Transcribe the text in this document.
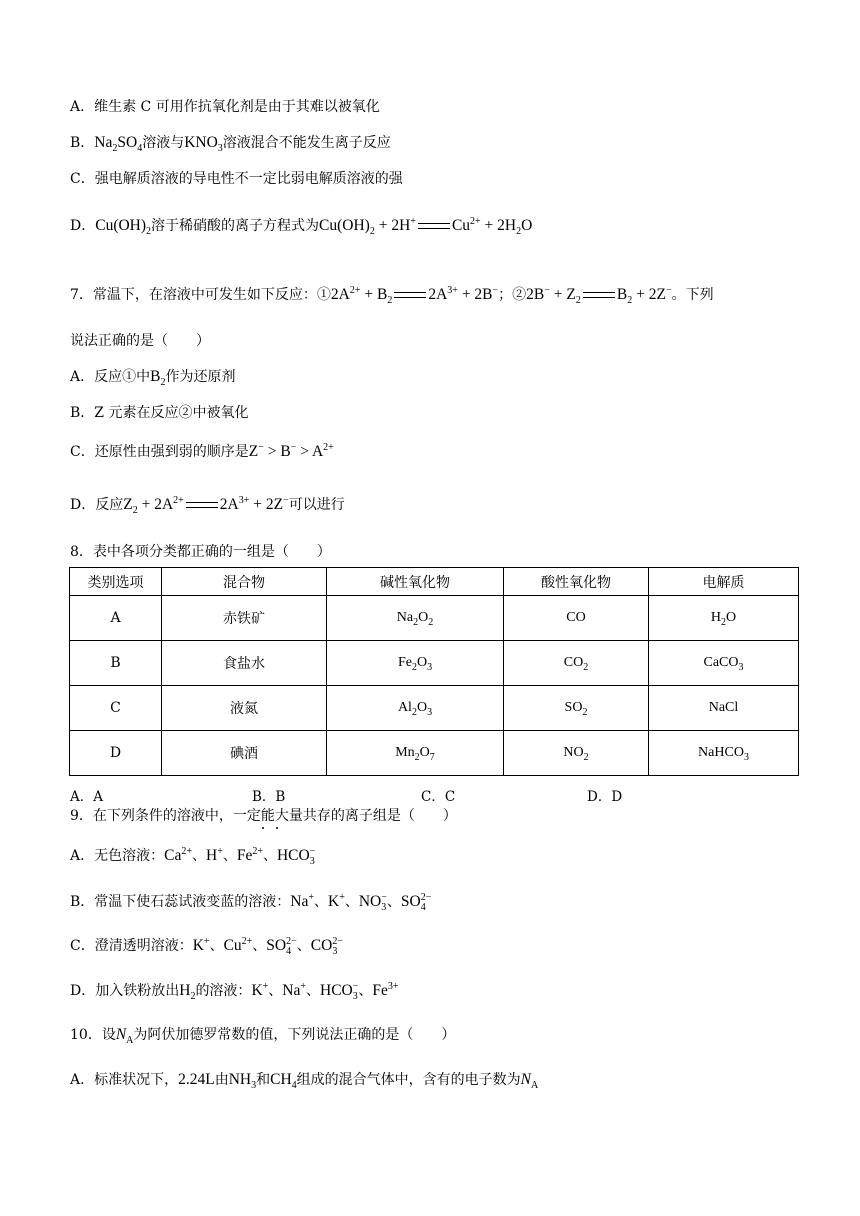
A．维生素 C 可用作抗氧化剂是由于其难以被氧化
B．$Na_2SO_4$溶液与$KNO_3$溶液混合不能发生离子反应
C．强电解质溶液的导电性不一定比弱电解质溶液的强
D．$Cu(OH)_2$溶于稀硝酸的离子方程式为$Cu(OH)_2 + 2H^+$ $Cu^{2+} + 2H_2O$
7．常温下，在溶液中可发生如下反应：$①2A^{2+} + B_2$ $2A^{3+} + 2B^-$；②2B− + $Z_2$ $B_2 + 2Z^-$。下列
说法正确的是（　　）
A．反应①中$B_2$作为还原剂
B．Z 元素在反应②中被氧化
C．还原性由强到弱的顺序是$Z^- > B^- > A^{2+}$
D．反应$Z_2 + 2A^{2+}$ $2A^{3+} + 2Z^-$可以进行
8．表中各项分类都正确的一组是（　　）
类别选项	混合物	碱性氧化物	酸性氧化物	电解质
A	赤铁矿	$Na_2O_2$	CO	$H_2O$
B	食盐水	$Fe_2O_3$	$CO_2$	CaCO$_3$
C	液氮	$Al_2O_3$	$SO_2$	NaCl
D	碘酒	$Mn_2O_7$	$NO_2$	NaHCO$_3$
A．A	B．B	C．C	D．D
9．在下列条件的溶液中，一定能大量共存的离子组是（　　）
A．无色溶液：$Ca^{2+}$、H+、$Fe^{2+}$、$HCO_3^-$
B．常温下使石蕊试液变蓝的溶液：Na+、K+、$NO_3^-$、$SO_4^{2-}$
C．澄清透明溶液：K+、$Cu^{2+}$、$SO_4^{2-}$、$CO_3^{2-}$
D．加入铁粉放出$H_2$的溶液：K+、Na+、$HCO_3^-$、$Fe^{3+}$
10．设$N_A$为阿伏加德罗常数的值，下列说法正确的是（　　）
A．标准状况下，2.24L由$NH_3$和$CH_4$组成的混合气体中，含有的电子数为$N_A$
